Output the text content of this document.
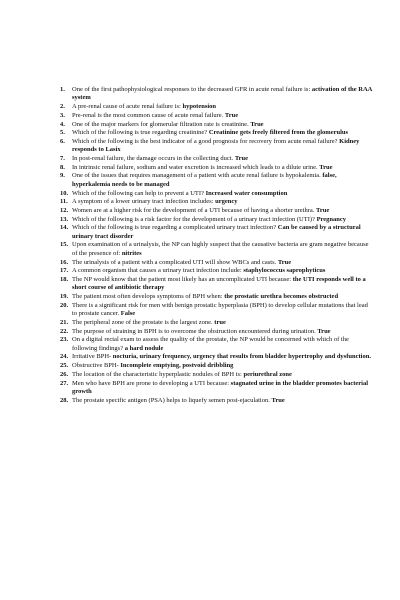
1.	One of the first pathophysiological responses to the decreased GFR in acute renal failure is: activation of the RAA system
2.	A pre-renal cause of acute renal failure is: hypotension
3.	Pre-renal is the most common cause of acute renal failure. True
4.	One of the major markers for glomerular filtration rate is creatinine. True
5.	Which of the following is true regarding creatinine? Creatinine gets freely filtered from the glomerulus
6.	Which of the following is the best indicator of a good prognosis for recovery from acute renal failure? Kidney responds to Lasix
7.	In post-renal failure, the damage occurs in the collecting duct. True
8.	In intrinsic renal failure, sodium and water excretion is increased which leads to a dilute urine. True
9.	One of the issues that requires management of a patient with acute renal failure is hypokalemia. false, hyperkalemia needs to be managed
10. Which of the following can help to prevent a UTI? Increased water consumption
11. A symptom of a lower urinary tract infection includes: urgency
12. Women are at a higher risk for the development of a UTI because of having a shorter urethra. True
13. Which of the following is a risk factor for the development of a urinary tract infection (UTI)? Pregnancy
14. Which of the following is true regarding a complicated urinary tract infection? Can be caused by a structural urinary tract disorder
15. Upon examination of a urinalysis, the NP can highly suspect that the causative bacteria are gram negative because of the presence of: nitrites
16. The urinalysis of a patient with a complicated UTI will show WBCs and casts. True
17. A common organism that causes a urinary tract infection include: staphylococcus saprophyticus
18. The NP would know that the patient most likely has an uncomplicated UTI because: the UTI responds well to a short course of antibiotic therapy
19. The patient most often develops symptoms of BPH when: the prostatic urethra becomes obstructed
20. There is a significant risk for men with benign prostatic hyperplasia (BPH) to develop cellular mutations that lead to prostate cancer. False
21. The peripheral zone of the prostate is the largest zone. true
22. The purpose of straining in BPH is to overcome the obstruction encountered during urination. True
23. On a digital rectal exam to assess the quality of the prostate, the NP would be concerned with which of the following findings? a hard nodule
24. Irritative BPH- nocturia, urinary frequency, urgency that results from bladder hypertrophy and dysfunction.
25. Obstructive BPH- Incomplete emptying, postvoid dribbling
26. The location of the characteristic hyperplastic nodules of BPH is: periurethral zone
27. Men who have BPH are prone to developing a UTI because: stagnated urine in the bladder promotes bacterial growth
28. The prostate specific antigen (PSA) helps to liquefy semen post-ejaculation. True
